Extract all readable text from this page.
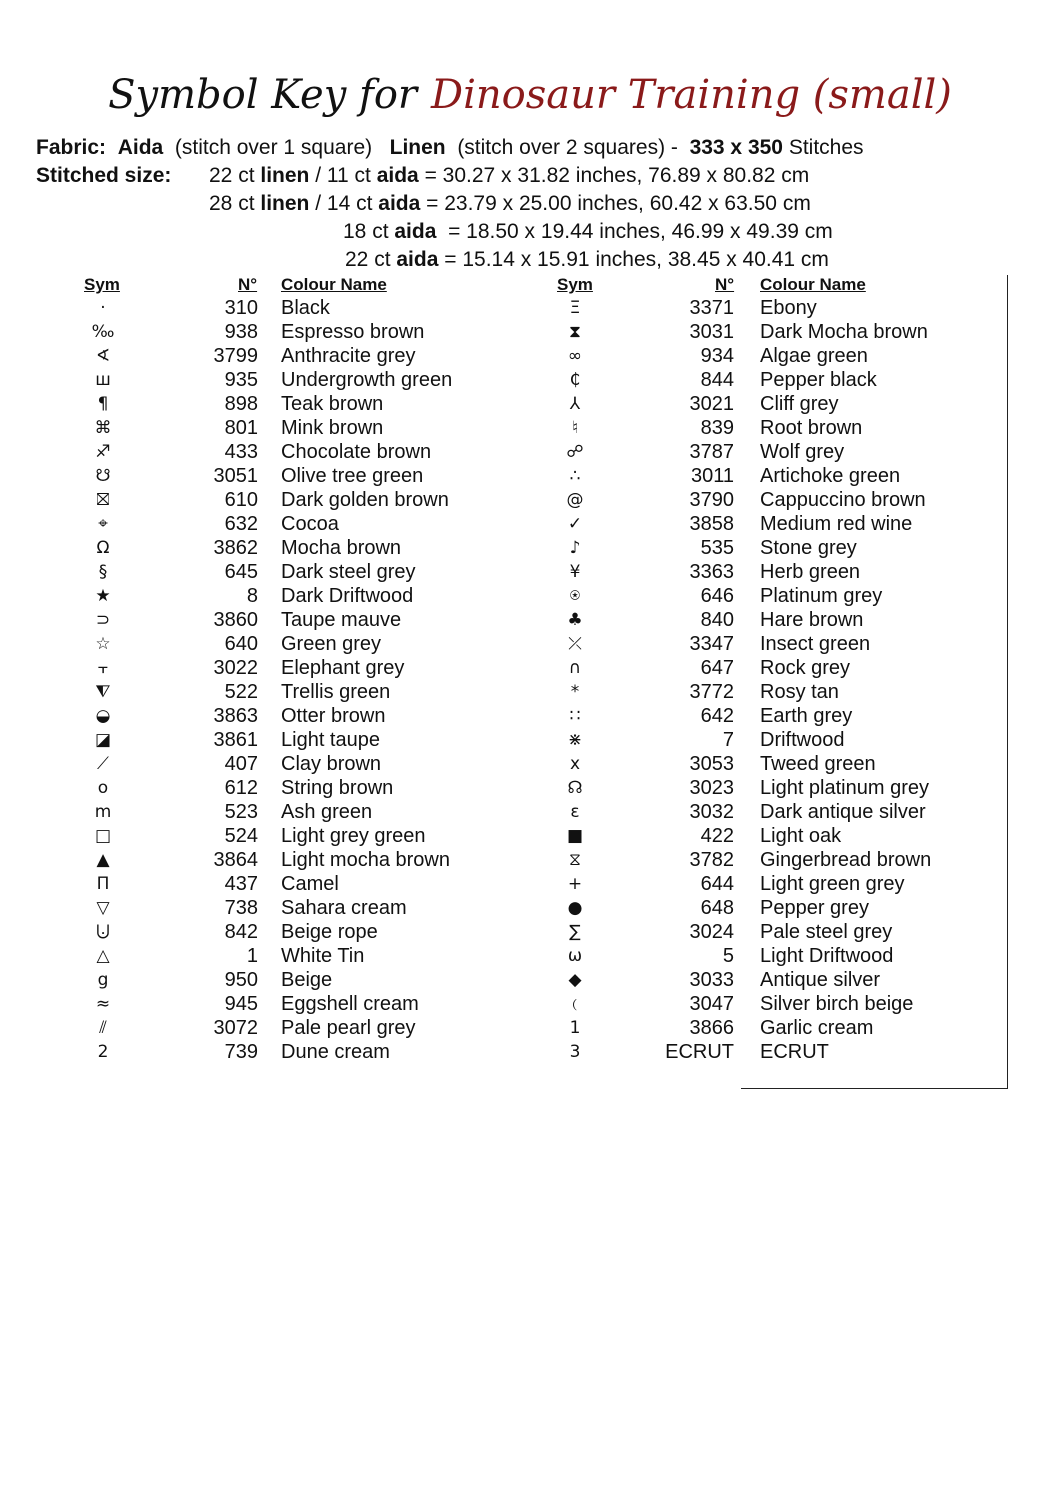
Symbol Key for Dinosaur Training (small)
Fabric: Aida (stitch over 1 square) Linen (stitch over 2 squares) - 333 x 350 Stitches
Stitched size: 22 ct linen / 11 ct aida = 30.27 x 31.82 inches, 76.89 x 80.82 cm
28 ct linen / 14 ct aida = 23.79 x 25.00 inches, 60.42 x 63.50 cm
18 ct aida  = 18.50 x 19.44 inches, 46.99 x 49.39 cm
22 ct aida = 15.14 x 15.91 inches, 38.45 x 40.41 cm
Sym	N° Colour Name	Sym	N° Colour Name
·	310 Black
‰	938 Espresso brown
∢	3799 Anthracite grey
ш	935 Undergrowth green
¶	898 Teak brown
⌘	801 Mink brown
♐	433 Chocolate brown
☋	3051 Olive tree green
⛝	610 Dark golden brown
⌖	632 Cocoa
Ω	3862 Mocha brown
§	645 Dark steel grey
★	8 Dark Driftwood
⊃	3860 Taupe mauve
☆	640 Green grey
⫟	3022 Elephant grey
⧨	522 Trellis green
◒	3863 Otter brown
◪	3861 Light taupe
⟋	407 Clay brown
o	612 String brown
m	523 Ash green
□	524 Light grey green
▲	3864 Light mocha brown
Π	437 Camel
▽	738 Sahara cream
⨃	842 Beige rope
△	1 White Tin
g	950 Beige
≈	945 Eggshell cream
⫽	3072 Pale pearl grey
2	739 Dune cream
Ξ	3371 Ebony
⧗	3031 Dark Mocha brown
∞	934 Algae green
₵	844 Pepper black
⅄	3021 Cliff grey
♮	839 Root brown
☍	3787 Wolf grey
∴	3011 Artichoke green
@	3790 Cappuccino brown
✓	3858 Medium red wine
♪	535 Stone grey
¥	3363 Herb green
⍟	646 Platinum grey
♣	840 Hare brown
⤫	3347 Insect green
∩	647 Rock grey
*	3772 Rosy tan
∷	642 Earth grey
⋇	7 Driftwood
x	3053 Tweed green
☊	3023 Light platinum grey
ε	3032 Dark antique silver
■	422 Light oak
⧖	3782 Gingerbread brown
+	644 Light green grey
●	648 Pepper grey
∑	3024 Pale steel grey
ω	5 Light Driftwood
◆	3033 Antique silver
﹙	3047 Silver birch beige
1	3866 Garlic cream
3	ECRUT ECRUT
